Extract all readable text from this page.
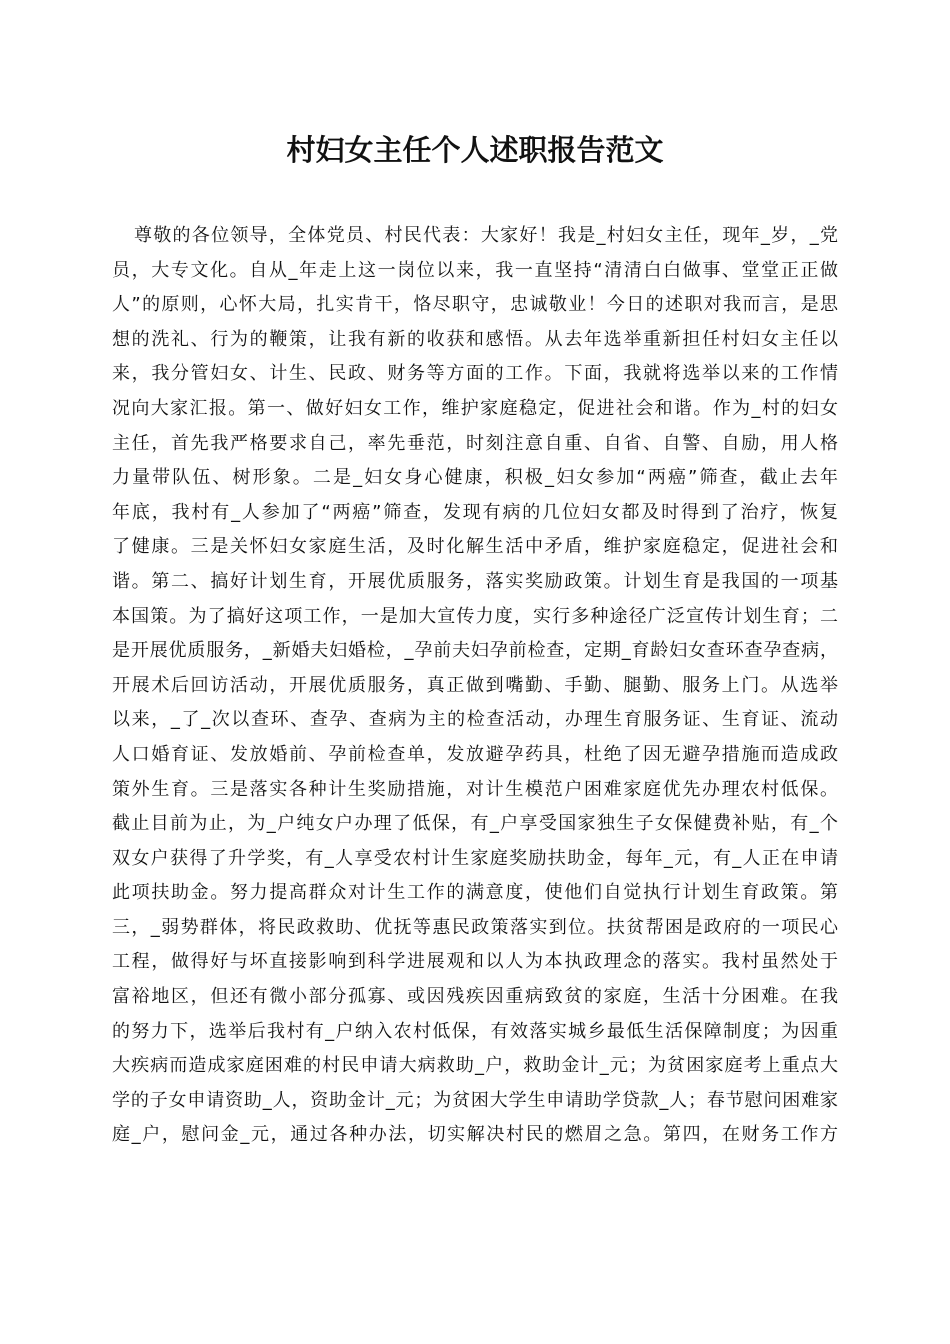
村妇女主任个人述职报告范文
尊敬的各位领导，全体党员、村民代表：大家好！我是_村妇女主任，现年_岁，_党
员，大专文化。自从_年走上这一岗位以来，我一直坚持“清清白白做事、堂堂正正做
人”的原则，心怀大局，扎实肯干，恪尽职守，忠诚敬业！今日的述职对我而言，是思
想的洗礼、行为的鞭策，让我有新的收获和感悟。从去年选举重新担任村妇女主任以
来，我分管妇女、计生、民政、财务等方面的工作。下面，我就将选举以来的工作情
况向大家汇报。第一、做好妇女工作，维护家庭稳定，促进社会和谐。作为_村的妇女
主任，首先我严格要求自己，率先垂范，时刻注意自重、自省、自警、自励，用人格
力量带队伍、树形象。二是_妇女身心健康，积极_妇女参加“两癌”筛查，截止去年
年底，我村有_人参加了“两癌”筛查，发现有病的几位妇女都及时得到了治疗，恢复
了健康。三是关怀妇女家庭生活，及时化解生活中矛盾，维护家庭稳定，促进社会和
谐。第二、搞好计划生育，开展优质服务，落实奖励政策。计划生育是我国的一项基
本国策。为了搞好这项工作，一是加大宣传力度，实行多种途径广泛宣传计划生育；二
是开展优质服务，_新婚夫妇婚检，_孕前夫妇孕前检查，定期_育龄妇女查环查孕查病，
开展术后回访活动，开展优质服务，真正做到嘴勤、手勤、腿勤、服务上门。从选举
以来，_了_次以查环、查孕、查病为主的检查活动，办理生育服务证、生育证、流动
人口婚育证、发放婚前、孕前检查单，发放避孕药具，杜绝了因无避孕措施而造成政
策外生育。三是落实各种计生奖励措施，对计生模范户困难家庭优先办理农村低保。
截止目前为止，为_户纯女户办理了低保，有_户享受国家独生子女保健费补贴，有_个
双女户获得了升学奖，有_人享受农村计生家庭奖励扶助金，每年_元，有_人正在申请
此项扶助金。努力提高群众对计生工作的满意度，使他们自觉执行计划生育政策。第
三，_弱势群体，将民政救助、优抚等惠民政策落实到位。扶贫帮困是政府的一项民心
工程，做得好与坏直接影响到科学进展观和以人为本执政理念的落实。我村虽然处于
富裕地区，但还有微小部分孤寡、或因残疾因重病致贫的家庭，生活十分困难。在我
的努力下，选举后我村有_户纳入农村低保，有效落实城乡最低生活保障制度；为因重
大疾病而造成家庭困难的村民申请大病救助_户，救助金计_元；为贫困家庭考上重点大
学的子女申请资助_人，资助金计_元；为贫困大学生申请助学贷款_人；春节慰问困难家
庭_户，慰问金_元，通过各种办法，切实解决村民的燃眉之急。第四，在财务工作方
